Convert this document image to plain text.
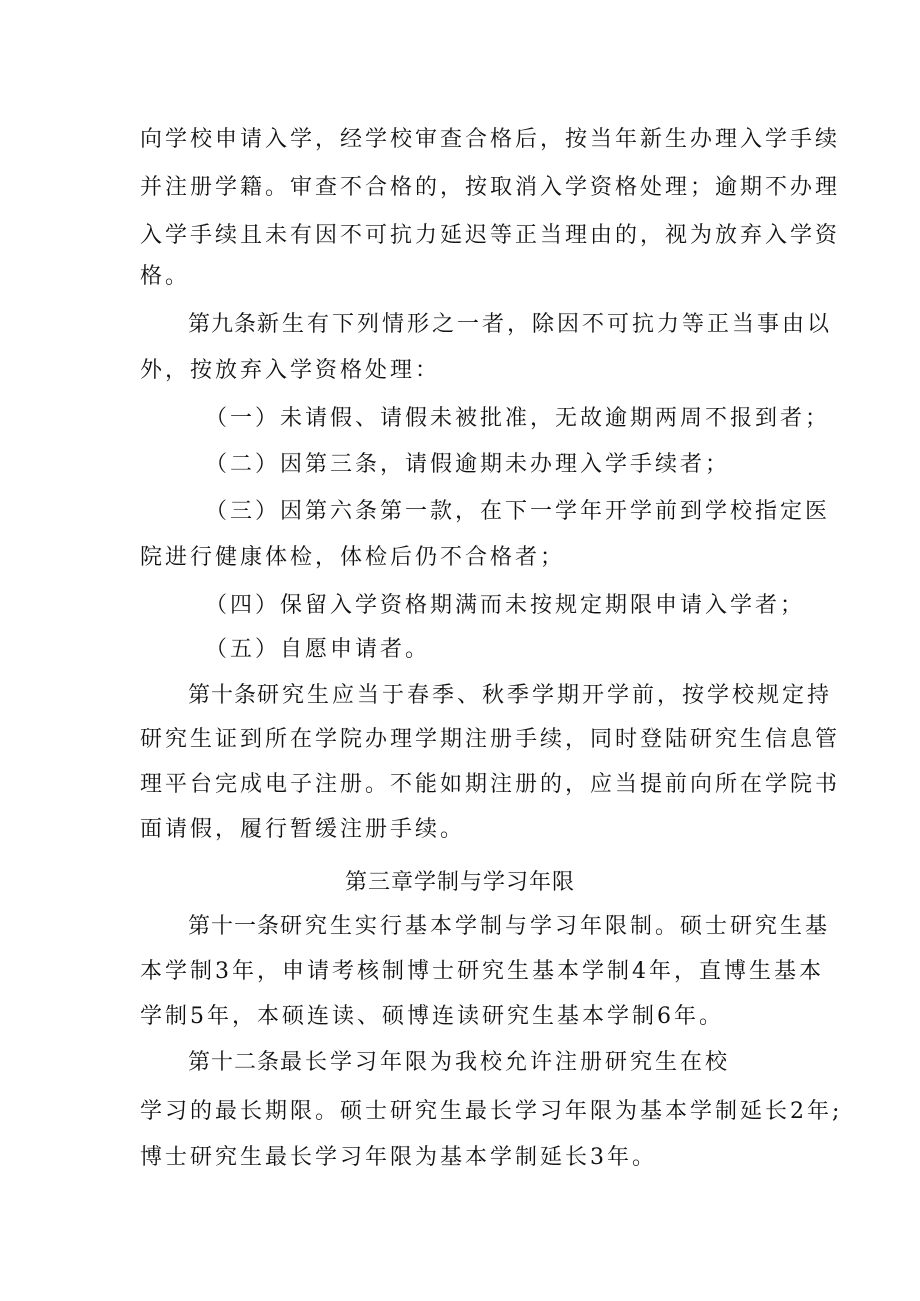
向学校申请入学，经学校审查合格后，按当年新生办理入学手续
并注册学籍。审查不合格的，按取消入学资格处理；逾期不办理
入学手续且未有因不可抗力延迟等正当理由的，视为放弃入学资
格。
第九条新生有下列情形之一者，除因不可抗力等正当事由以
外，按放弃入学资格处理：
（一）未请假、请假未被批准，无故逾期两周不报到者；
（二）因第三条，请假逾期未办理入学手续者；
（三）因第六条第一款，在下一学年开学前到学校指定医
院进行健康体检，体检后仍不合格者；
（四）保留入学资格期满而未按规定期限申请入学者；
（五）自愿申请者。
第十条研究生应当于春季、秋季学期开学前，按学校规定持
研究生证到所在学院办理学期注册手续，同时登陆研究生信息管
理平台完成电子注册。不能如期注册的，应当提前向所在学院书
面请假，履行暂缓注册手续。
第三章学制与学习年限
第十一条研究生实行基本学制与学习年限制。硕士研究生基
本学制3年，申请考核制博士研究生基本学制4年，直博生基本
学制5年，本硕连读、硕博连读研究生基本学制6年。
第十二条最长学习年限为我校允许注册研究生在校
学习的最长期限。硕士研究生最长学习年限为基本学制延长2年;
博士研究生最长学习年限为基本学制延长3年。
